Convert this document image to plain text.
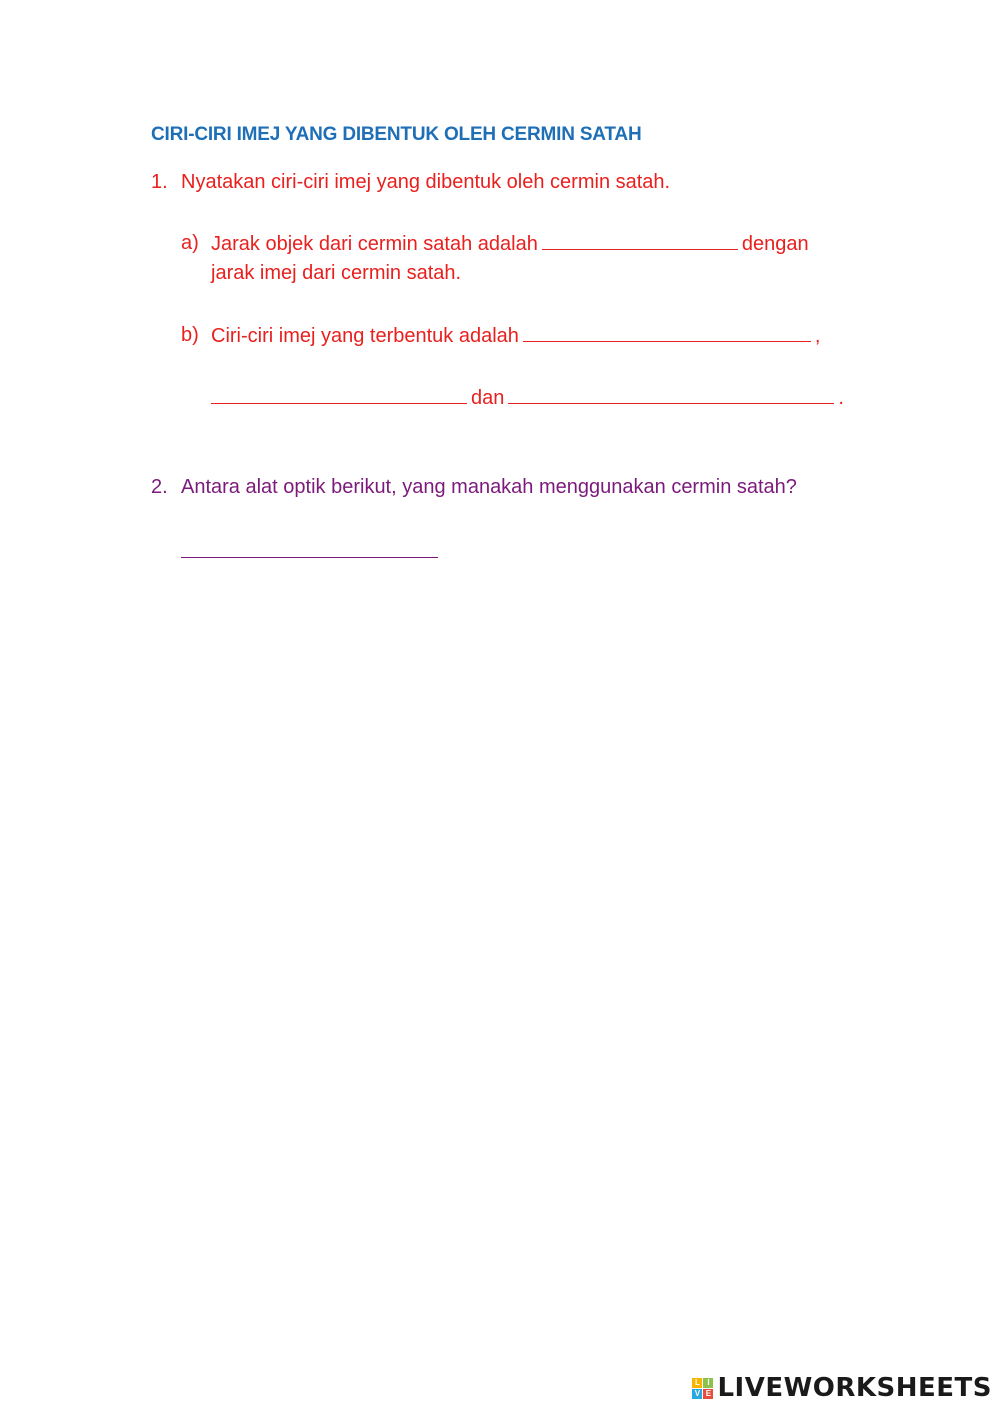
CIRI-CIRI IMEJ YANG DIBENTUK OLEH CERMIN SATAH
1. Nyatakan ciri-ciri imej yang dibentuk oleh cermin satah.
a) Jarak objek dari cermin satah adalah	dengan
jarak imej dari cermin satah.
b) Ciri-ciri imej yang terbentuk adalah	,
dan	.
2. Antara alat optik berikut, yang manakah menggunakan cermin satah?
L I
V E LIVEWORKSHEETS
